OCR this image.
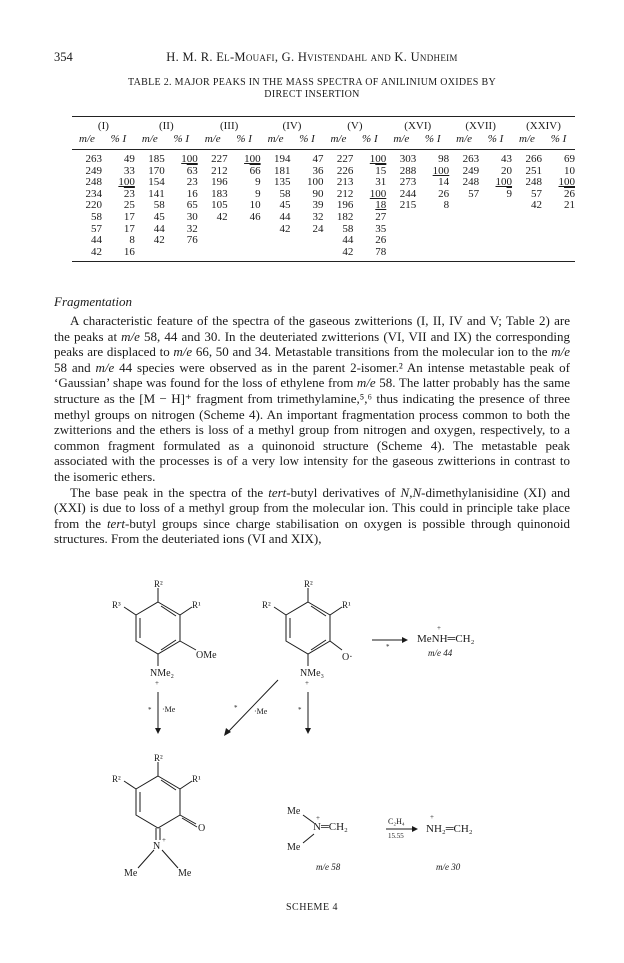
354	H. M. R. El-Mouafi, G. Hvistendahl and K. Undheim
TABLE 2. MAJOR PEAKS IN THE MASS SPECTRA OF ANILINIUM OXIDES BY
DIRECT INSERTION
(I)		(II)		(III)		(IV)		(V)		(XVI)		(XVII)		(XXIV)	
m/e	% I	m/e	% I	m/e	% I	m/e	% I	m/e	% I	m/e	% I	m/e	% I	m/e	% I
263	49	185	100	227	100	194	47	227	100	303	98	263	43	266	69
249	33	170	63	212	66	181	36	226	15	288	100	249	20	251	10
248	100	154	23	196	9	135	100	213	31	273	14	248	100	248	100
234	23	141	16	183	9	58	90	212	100	244	26	57	9	57	26
220	25	58	65	105	10	45	39	196	18	215	8			42	21
58	17	45	30	42	46	44	32	182	27						
57	17	44	32			42	24	58	35						
44	8	42	76					44	26						
42	16							42	78						
Fragmentation

A characteristic feature of the spectra of the gaseous zwitterions (I, II, IV and V; Table 2) are the peaks at m/e 58, 44 and 30. In the deuteriated zwitterions (VI, VII and IX) the corresponding peaks are displaced to m/e 66, 50 and 34. Metastable transitions from the molecular ion to the m/e 58 and m/e 44 species were observed as in the parent 2-isomer.² An intense metastable peak of ‘Gaussian’ shape was found for the loss of ethylene from m/e 58. The latter probably has the same structure as the [M − H]⁺ fragment from trimethylamine,⁵,⁶ thus indicating the presence of three methyl groups on nitrogen (Scheme 4). An important fragmentation process common to both the zwitterions and the ethers is loss of a methyl group from nitrogen and oxygen, respectively, to a common fragment formulated as a quinonoid structure (Scheme 4). The metastable peak associated with the processes is of a very low intensity for the gaseous zwitterions in contrast to the isomeric ethers.

The base peak in the spectra of the tert-butyl derivatives of N,N-dimethylanisidine (XI) and (XXI) is due to loss of a methyl group from the molecular ion. This could in principle take place from the tert-butyl groups since charge stabilisation on oxygen is possible through quinonoid structures. From the deuteriated ions (VI and XIX),

R²
R³	R¹
OMe
NMe₂
+
R²
R²	R¹
O·
NMe₃
+
*
+
MeNH═CH₂
m/e 44
* ·Me	* ·Me	*
R²
R²	R¹
O
N
+
Me	Me
Me
N═CH₂
+
Me
C₂H₄
15.55
+
NH₂═CH₂
m/e 58	m/e 30
SCHEME 4
